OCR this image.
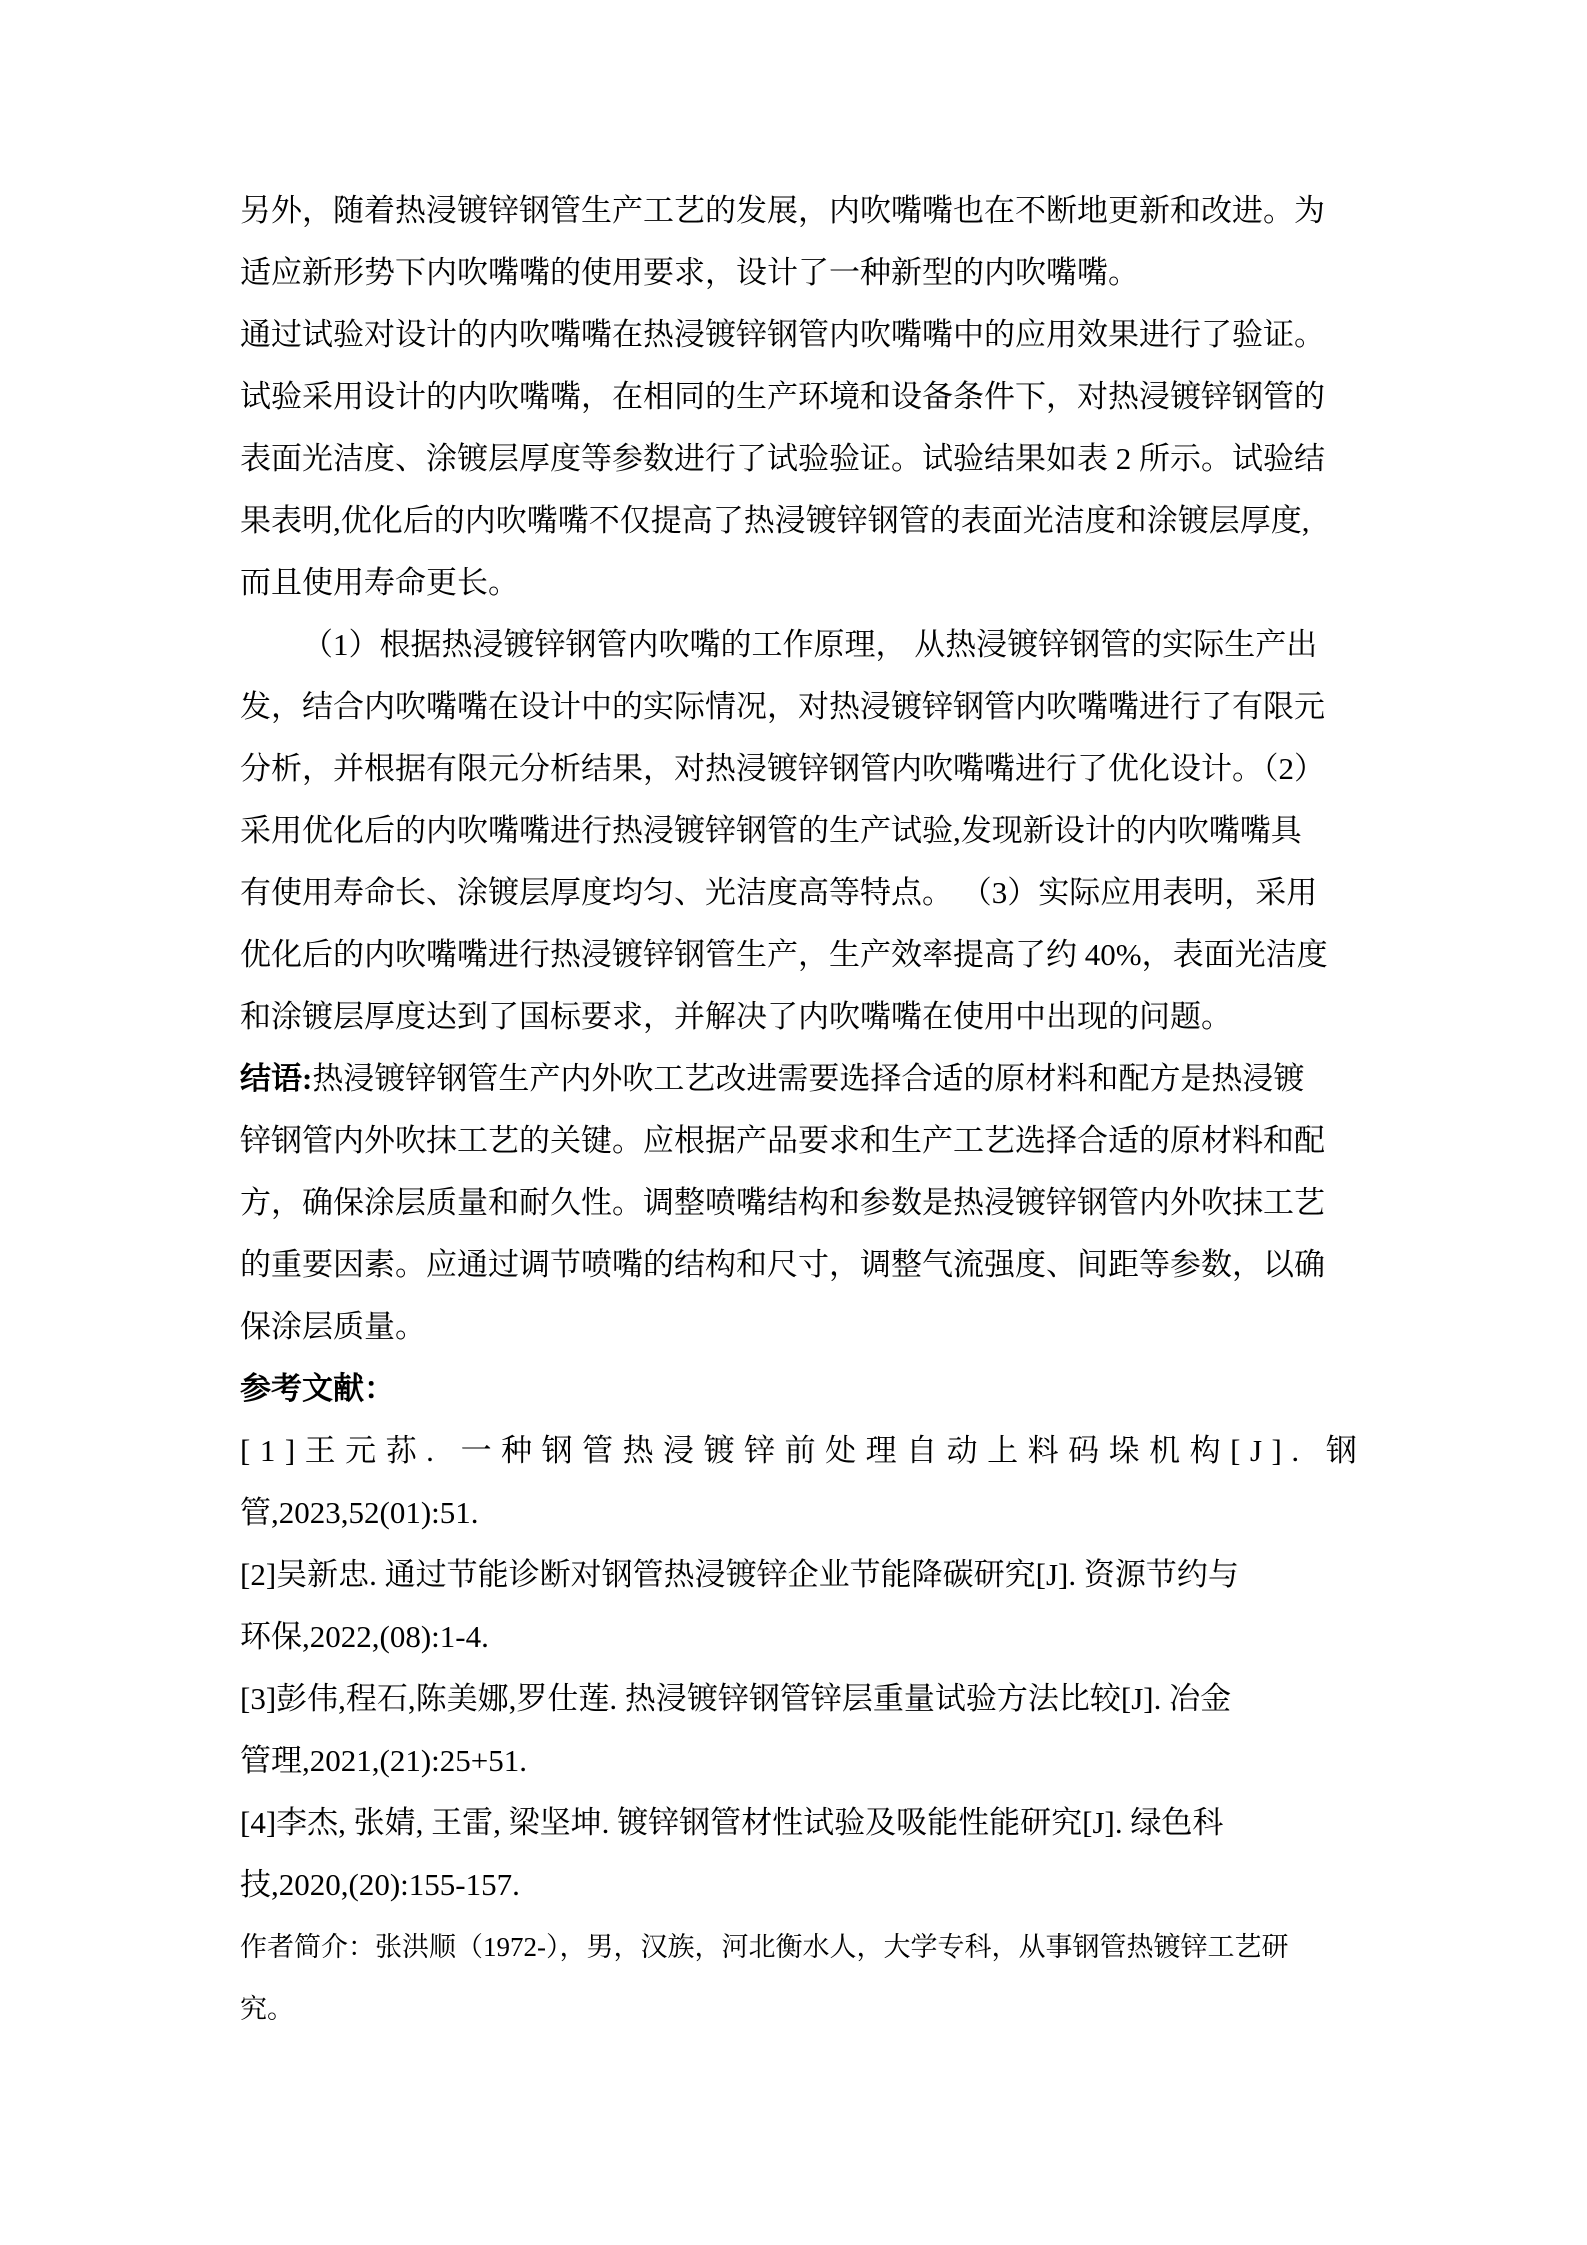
另外，随着热浸镀锌钢管生产工艺的发展，内吹嘴嘴也在不断地更新和改进。为
适应新形势下内吹嘴嘴的使用要求，设计了一种新型的内吹嘴嘴。
通过试验对设计的内吹嘴嘴在热浸镀锌钢管内吹嘴嘴中的应用效果进行了验证。
试验采用设计的内吹嘴嘴，在相同的生产环境和设备条件下，对热浸镀锌钢管的
表面光洁度、涂镀层厚度等参数进行了试验验证。试验结果如表 2 所示。试验结
果表明,优化后的内吹嘴嘴不仅提高了热浸镀锌钢管的表面光洁度和涂镀层厚度,
而且使用寿命更长。
（1）根据热浸镀锌钢管内吹嘴的工作原理， 从热浸镀锌钢管的实际生产出
发，结合内吹嘴嘴在设计中的实际情况，对热浸镀锌钢管内吹嘴嘴进行了有限元
分析，并根据有限元分析结果，对热浸镀锌钢管内吹嘴嘴进行了优化设计。（2）
采用优化后的内吹嘴嘴进行热浸镀锌钢管的生产试验,发现新设计的内吹嘴嘴具
有使用寿命长、涂镀层厚度均匀、光洁度高等特点。 （3）实际应用表明，采用
优化后的内吹嘴嘴进行热浸镀锌钢管生产，生产效率提高了约 40%，表面光洁度
和涂镀层厚度达到了国标要求，并解决了内吹嘴嘴在使用中出现的问题。
结语:热浸镀锌钢管生产内外吹工艺改进需要选择合适的原材料和配方是热浸镀
锌钢管内外吹抹工艺的关键。应根据产品要求和生产工艺选择合适的原材料和配
方，确保涂层质量和耐久性。调整喷嘴结构和参数是热浸镀锌钢管内外吹抹工艺
的重要因素。应通过调节喷嘴的结构和尺寸，调整气流强度、间距等参数，以确
保涂层质量。
参考文献：
[1]王元荪. 一种钢管热浸镀锌前处理自动上料码垛机构[J]. 钢
管,2023,52(01):51.
[2]吴新忠. 通过节能诊断对钢管热浸镀锌企业节能降碳研究[J]. 资源节约与
环保,2022,(08):1-4.
[3]彭伟,程石,陈美娜,罗仕莲. 热浸镀锌钢管锌层重量试验方法比较[J]. 冶金
管理,2021,(21):25+51.
[4]李杰, 张婧, 王雷, 梁坚坤. 镀锌钢管材性试验及吸能性能研究[J]. 绿色科
技,2020,(20):155-157.
作者简介：张洪顺（1972-），男，汉族，河北衡水人，大学专科，从事钢管热镀锌工艺研
究。
